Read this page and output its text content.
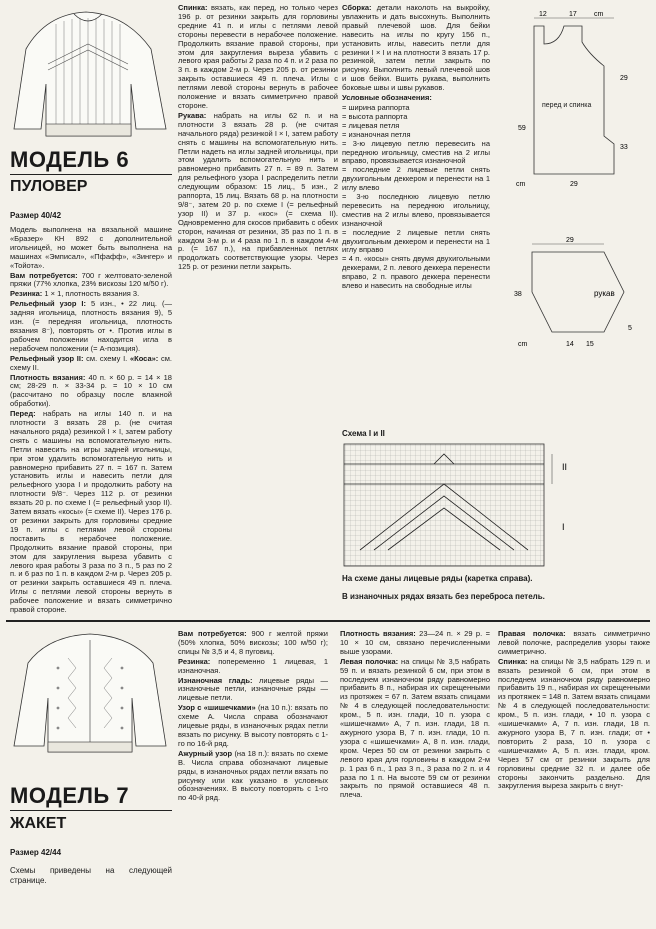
МОДЕЛЬ 6
ПУЛОВЕР
Размер 40/42

Модель выполнена на вязальной машине «Бразер» КН 892 с дополнительной игольницей, но может быть выполнена на машинах «Эмписал», «Пфафф», «Зингер» и «Тойота».

Вам потребуется: 700 г желтовато-зеленой пряжи (77% хлопка, 23% вискозы 120 м/50 г).

Резинка: 1 × 1, плотность вязания 3.

Рельефный узор I: 5 изн., • 22 лиц. (— задняя игольница, плотность вязания 9), 5 изн. (= передняя игольница, плотность вязания 8⁻), повторять от •. Против иглы в рабочем положении находится игла в нерабочем положении (= А-позиция).

Рельефный узор II: см. схему I. «Коса»: см. схему II.

Плотность вязания: 40 п. × 60 р. = 14 × 18 см; 28-29 п. × 33-34 р. = 10 × 10 см (рассчитано по образцу после влажной обработки).

Перед: набрать на иглы 140 п. и на плотности 3 вязать 28 р. (не считая начального ряда) резинкой I × I, затем работу снять с машины на вспомогательную нить. Петли навесить на игры задней игольницы, при этом удалить вспомогательную нить и равномерно прибавить 27 п. = 167 п. Затем установить иглы и навесить петли для рельефного узора I и продолжить работу на плотности 9/8⁻. Через 112 р. от резинки вязать 20 р. по схеме I (= рельефный узор II). Затем вязать «косы» (= схеме II). Через 176 р. от резинки закрыть для горловины средние 19 п. иглы с петлями левой стороны поставить в нерабочее положение. Продолжить вязание правой стороны, при этом для закругления выреза убавить с левого края работы 3 раза по 3 п., 5 раз по 2 п. и 6 раз по 1 п. в каждом 2-м р. Через 205 р. от резинки закрыть оставшиеся 49 п. плеча. Иглы с петлями левой стороны вернуть в рабочее положение и вязать симметрично правой стороне.

Спинка: вязать, как перед, но только через 196 р. от резинки закрыть для горловины средние 41 п. и иглы с петлями левой стороны перевести в нерабочее положение. Продолжить вязание правой стороны, при этом для закругления выреза убавить с левого края работы 2 раза по 4 п. и 2 раза по 3 п. в каждом 2-м р. Через 205 р. от резинки закрыть оставшиеся 49 п. плеча. Иглы с петлями левой стороны вернуть в рабочее положение и вязать симметрично правой стороне.

Рукава: набрать на иглы 62 п. и на плотности 3 вязать 28 р. (не считая начального ряда) резинкой I × I, затем работу снять с машины на вспомогательную нить. Петли надеть на иглы задней игольницы, при этом удалить вспомогательную нить и равномерно прибавить 27 п. = 89 п. Затем для рельефного узора I распределить петли следующим образом: 15 лиц., 5 изн., 2 раппорта, 15 лиц. Вязать 68 р. на плотности 9/8⁻, затем 20 р. по схеме I (= рельефный узор II) и 37 р. «кос» (= схема II). Одновременно для скосов прибавить с обеих сторон, начиная от резинки, 35 раз по 1 п. в каждом 3-м р. и 4 раза по 1 п. в каждом 4-м р. (= 167 п.), на прибавленных петлях продолжать соответствующие узоры. Через 125 р. от резинки петли закрыть.

Сборка: детали наколоть на выкройку, увлажнить и дать высохнуть. Выполнить правый плечевой шов. Для бейки навесить на иглы по кругу 156 п., установить иглы, навесить петли для резинки I × I и на плотности 3 вязать 17 р. резинкой, затем петли закрыть по рисунку. Выполнить левый плечевой шов и шов бейки. Вшить рукава, выполнить боковые швы и швы рукавов.

Условные обозначения:

= ширина раппорта
= высота раппорта
= лицевая петля
= изнаночная петля
= 3-ю лицевую петлю перевесить на переднюю игольницу, сместив на 2 иглы вправо, провязывается изнаночной
= последние 2 лицевые петли снять двухигольным деккером и перенести на 1 иглу влево
= 3-ю последнюю лицевую петлю перевесить на переднюю игольницу, сместив на 2 иглы влево, провязывается изнаночной
= последние 2 лицевые петли снять двухигольным деккером и перенести на 1 иглу вправо
= 4 п. «косы» снять двумя двухигольными деккерами, 2 п. левого деккера перенести вправо, 2 п. правого деккера перенести влево и навесить на свободные иглы
12	17 cm
29
33
59
29
cm
перед и спинка
29
38
5
14 15
cm
рукав
Схема I и II
II
I
На схеме даны лицевые ряды (каретка справа).
В изнаночных рядах вязать без переброса петель.
МОДЕЛЬ 7
ЖАКЕТ
Размер 42/44
Схемы приведены на следующей странице.

Вам потребуется: 900 г желтой пряжи (50% хлопка, 50% вискозы; 100 м/50 г); спицы № 3,5 и 4, 8 пуговиц.

Резинка: попеременно 1 лицевая, 1 изнаночная.

Изнаночная гладь: лицевые ряды — изнаночные петли, изнаночные ряды — лицевые петли.

Узор с «шишечками» (на 10 п.): вязать по схеме А. Числа справа обозначают лицевые ряды, в изнаночных рядах петли вязать по рисунку. В высоту повторять с 1-го по 16-й ряд.

Ажурный узор (на 18 п.): вязать по схеме В. Числа справа обозначают лицевые ряды, в изнаночных рядах петли вязать по рисунку или как указано в условных обозначениях. В высоту повторять с 1-го по 40-й ряд.

Плотность вязания: 23—24 п. × 29 р. = 10 × 10 см, связано перечисленными выше узорами.

Левая полочка: на спицы № 3,5 набрать 59 п. и вязать резинкой 6 см, при этом в последнем изнаночном ряду равномерно прибавить 8 п., набирая их скрещенными из протяжек = 67 п. Затем вязать спицами № 4 в следующей последовательности: кром., 5 п. изн. глади, 10 п. узора с «шишечками» А, 7 п. изн. глади, 18 п. ажурного узора В, 7 п. изн. глади, 10 п. узора с «шишечками» А, 8 п. изн. глади, кром. Через 50 см от резинки закрыть с левого края для горловины в каждом 2-м р. 1 раз 6 п., 1 раз 3 п., 3 раза по 2 п. и 4 раза по 1 п. На высоте 59 см от резинки закрыть по прямой оставшиеся 48 п. плеча.

Правая полочка: вязать симметрично левой полочке, распределив узоры также симметрично.

Спинка: на спицы № 3,5 набрать 129 п. и вязать резинкой 6 см, при этом в последнем изнаночном ряду равномерно прибавить 19 п., набирая их скрещенными из протяжек = 148 п. Затем вязать спицами № 4 в следующей последовательности: кром., 5 п. изн. глади, • 10 п. узора с «шишечками» А, 7 п. изн. глади, 18 п. ажурного узора В, 7 п. изн. глади; от • повторить 2 раза, 10 п. узора с «шишечками» А, 5 п. изн. глади, кром. Через 57 см от резинки закрыть для горловины средние 32 п. и далее обе стороны закончить раздельно. Для закругления выреза закрыть с внут-
